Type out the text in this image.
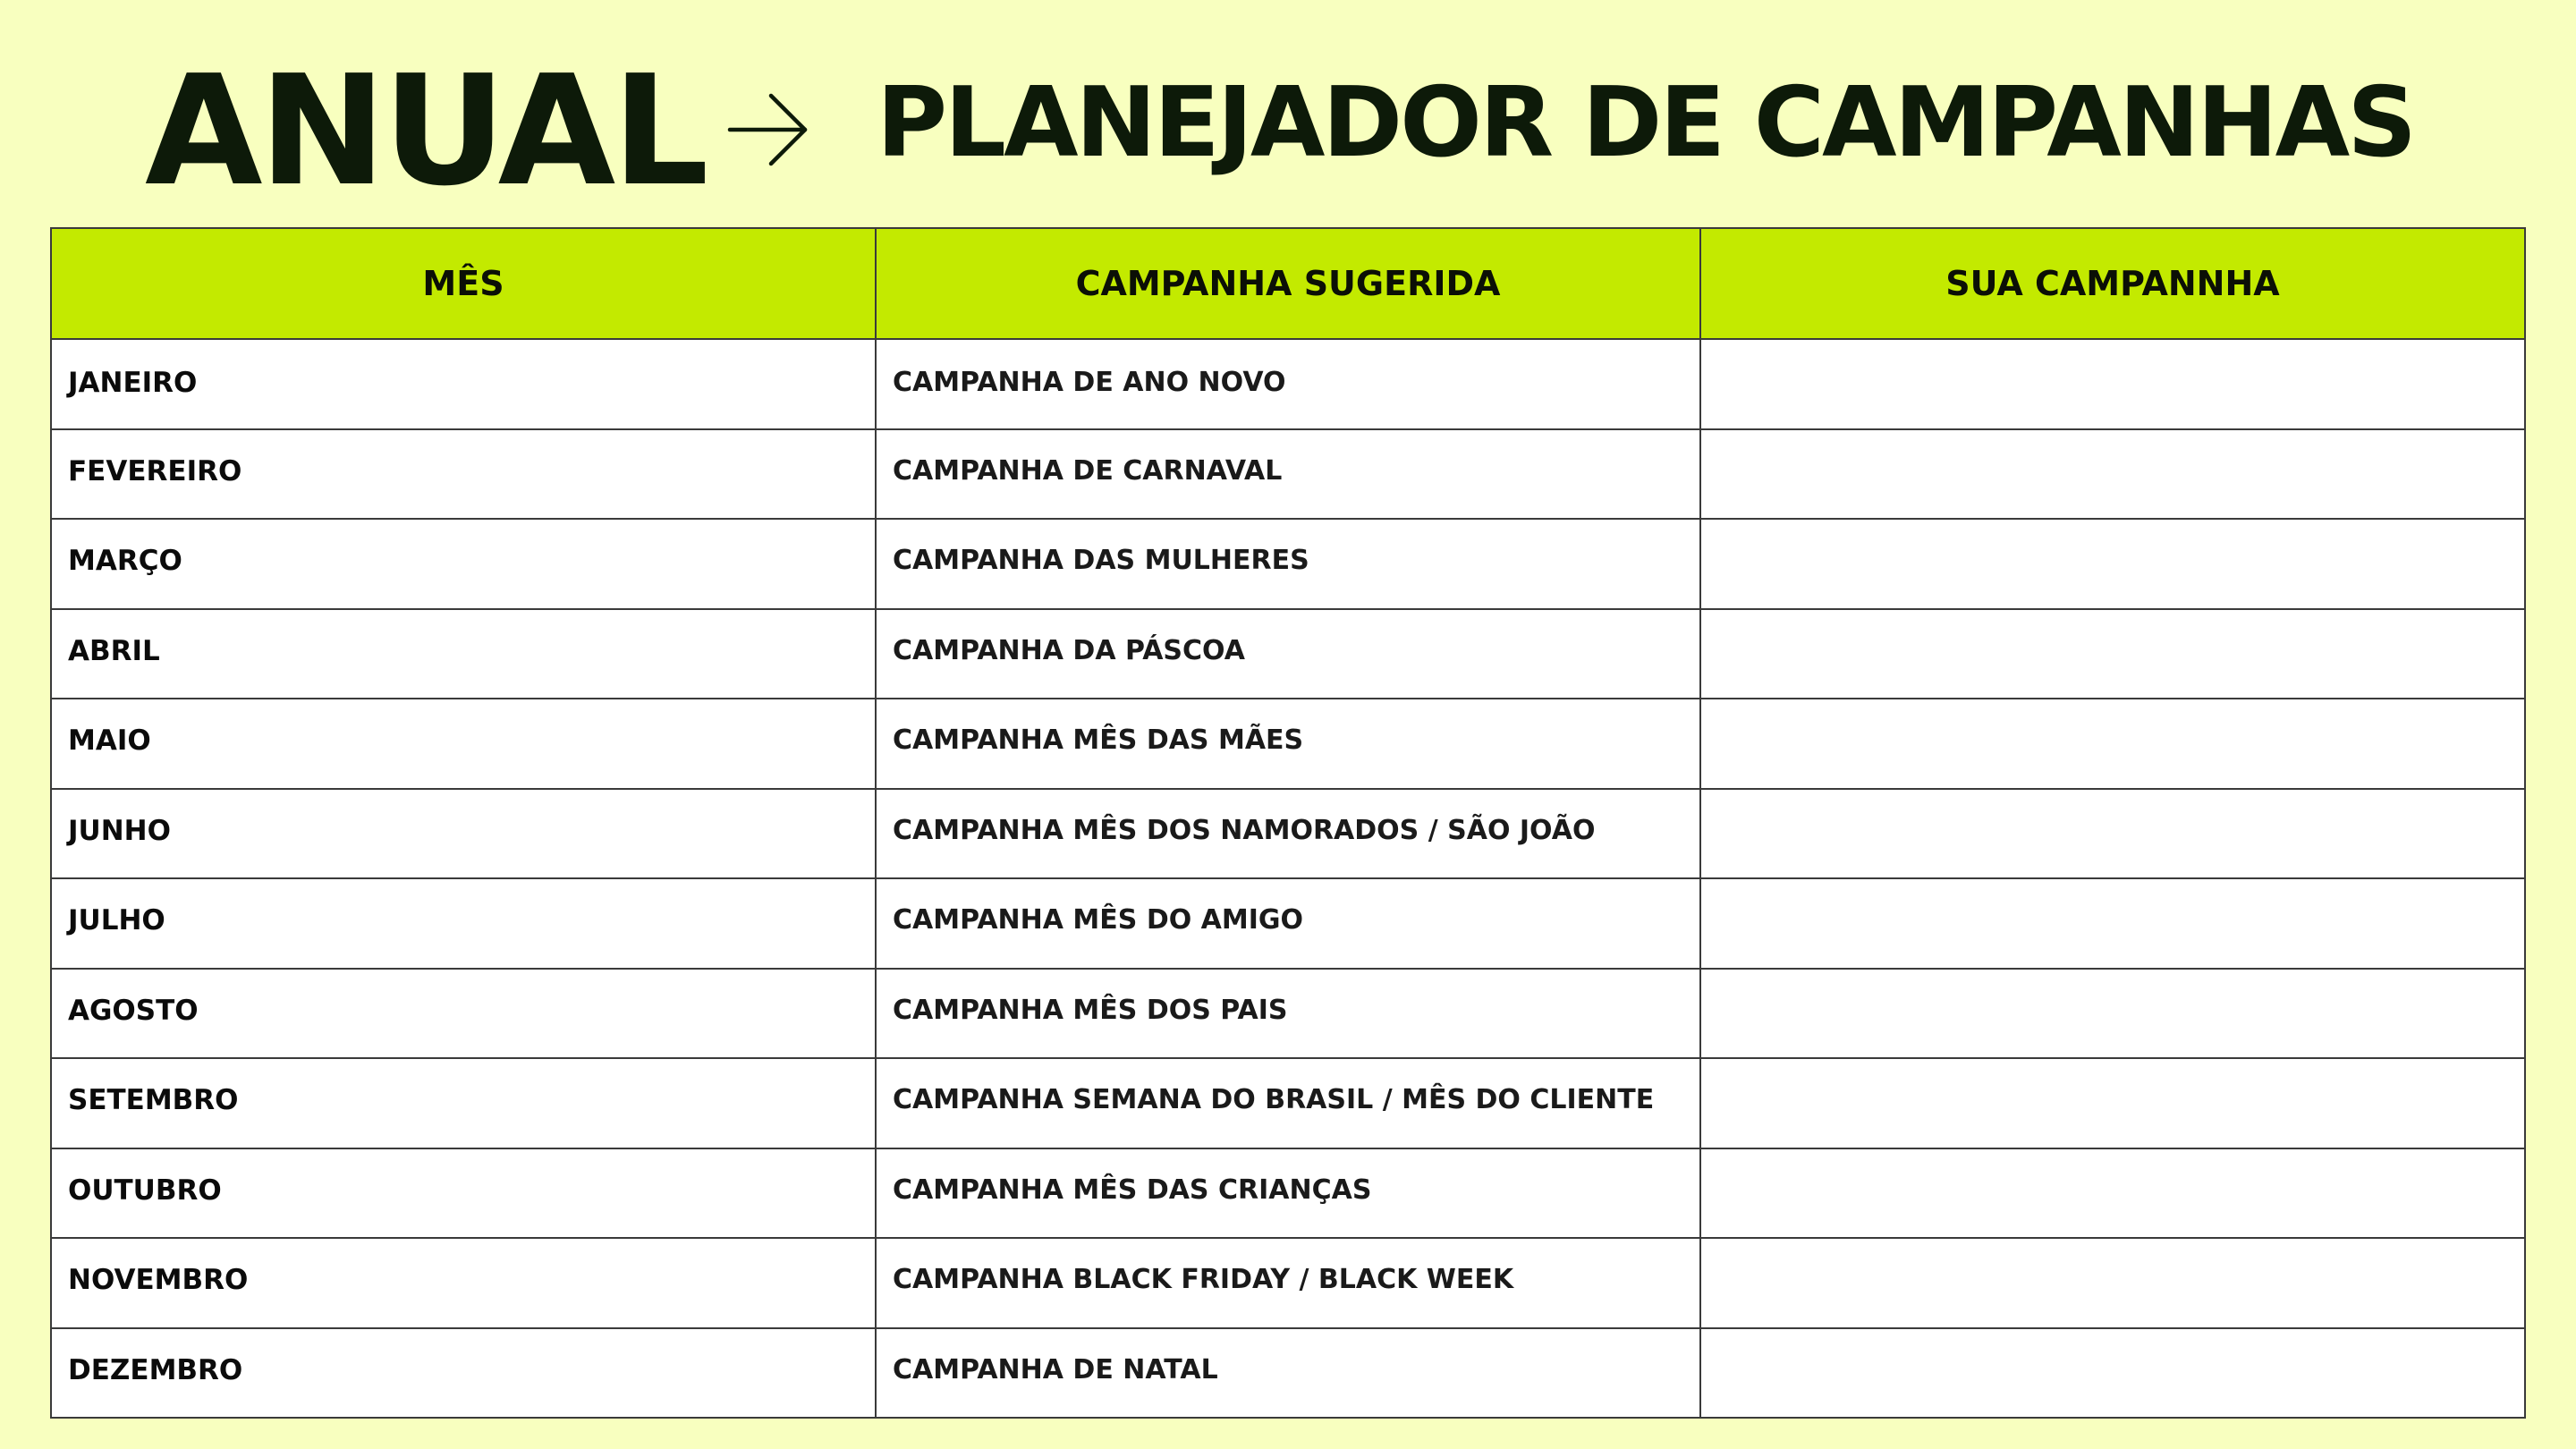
ANUAL PLANEJADOR DE CAMPANHAS
MÊS	CAMPANHA SUGERIDA	SUA CAMPANNHA
JANEIRO	CAMPANHA DE ANO NOVO	
FEVEREIRO	CAMPANHA DE CARNAVAL	
MARÇO	CAMPANHA DAS MULHERES	
ABRIL	CAMPANHA DA PÁSCOA	
MAIO	CAMPANHA MÊS DAS MÃES	
JUNHO	CAMPANHA MÊS DOS NAMORADOS / SÃO JOÃO	
JULHO	CAMPANHA MÊS DO AMIGO	
AGOSTO	CAMPANHA MÊS DOS PAIS	
SETEMBRO	CAMPANHA SEMANA DO BRASIL / MÊS DO CLIENTE	
OUTUBRO	CAMPANHA MÊS DAS CRIANÇAS	
NOVEMBRO	CAMPANHA BLACK FRIDAY / BLACK WEEK	
DEZEMBRO	CAMPANHA DE NATAL	
